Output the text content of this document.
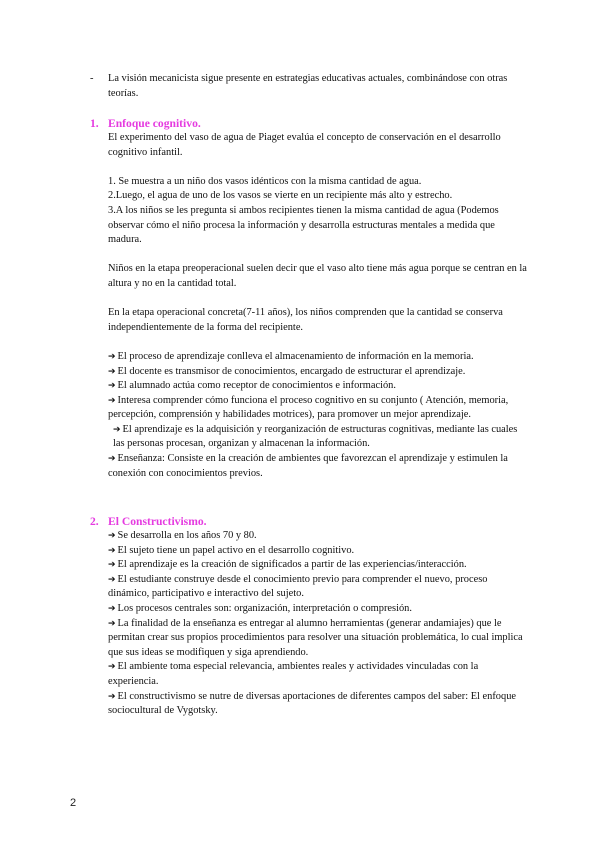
- La visión mecanicista sigue presente en estrategias educativas actuales, combinándose con otras teorías.

1. Enfoque cognitivo.

El experimento del vaso de agua de Piaget evalúa el concepto de conservación en el desarrollo cognitivo infantil.

1. Se muestra a un niño dos vasos idénticos con la misma cantidad de agua.

2.Luego, el agua de uno de los vasos se vierte en un recipiente más alto y estrecho.

3.A los niños se les pregunta si ambos recipientes tienen la misma cantidad de agua (Podemos observar cómo el niño procesa la información y desarrolla estructuras mentales a medida que madura.

Niños en la etapa preoperacional suelen decir que el vaso alto tiene más agua porque se centran en la altura y no en la cantidad total.

En la etapa operacional concreta(7-11 años), los niños comprenden que la cantidad se conserva independientemente de la forma del recipiente.

➔ El proceso de aprendizaje conlleva el almacenamiento de información en la memoria.

➔ El docente es transmisor de conocimientos, encargado de estructurar el aprendizaje.

➔ El alumnado actúa como receptor de conocimientos e información.

➔ Interesa comprender cómo funciona el proceso cognitivo en su conjunto ( Atención, memoria, percepción, comprensión y habilidades motrices), para promover un mejor aprendizaje.

➔ El aprendizaje es la adquisición y reorganización de estructuras cognitivas, mediante las cuales las personas procesan, organizan y almacenan la información.

➔ Enseñanza: Consiste en la creación de ambientes que favorezcan el aprendizaje y estimulen la conexión con conocimientos previos.

2. El Constructivismo.

➔ Se desarrolla en los años 70 y 80.

➔ El sujeto tiene un papel activo en el desarrollo cognitivo.

➔ El aprendizaje es la creación de significados a partir de las experiencias/interacción.

➔ El estudiante construye desde el conocimiento previo para comprender el nuevo, proceso dinámico, participativo e interactivo del sujeto.

➔ Los procesos centrales son: organización, interpretación o compresión.

➔ La finalidad de la enseñanza es entregar al alumno herramientas (generar andamiajes) que le permitan crear sus propios procedimientos para resolver una situación problemática, lo cual implica que sus ideas se modifiquen y siga aprendiendo.

➔ El ambiente toma especial relevancia, ambientes reales y actividades vinculadas con la experiencia.

➔ El constructivismo se nutre de diversas aportaciones de diferentes campos del saber: El enfoque sociocultural de Vygotsky.

2
